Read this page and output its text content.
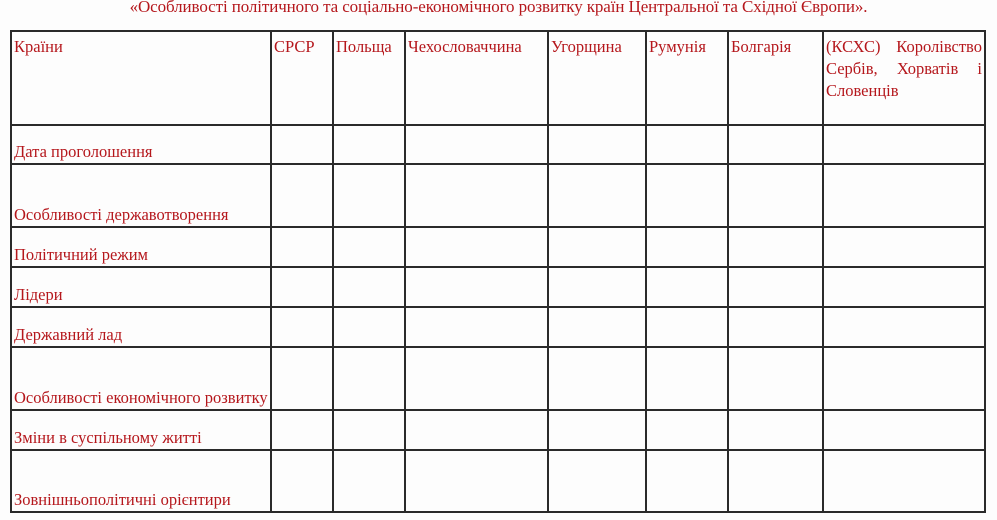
«Особливості політичного та соціально-економічного розвитку країн Центральної та Східної Європи».
Країни	СРСР	Польща	Чехословаччина	Угорщина	Румунія	Болгарія	(КСХС) Королівство Сербів, Хорватів і Словенців
Дата проголошення							
Особливості державотворення							
Політичний режим							
Лідери							
Державний лад							
Особливості економічного розвитку							
Зміни в суспільному житті							
Зовнішньополітичні орієнтири							
